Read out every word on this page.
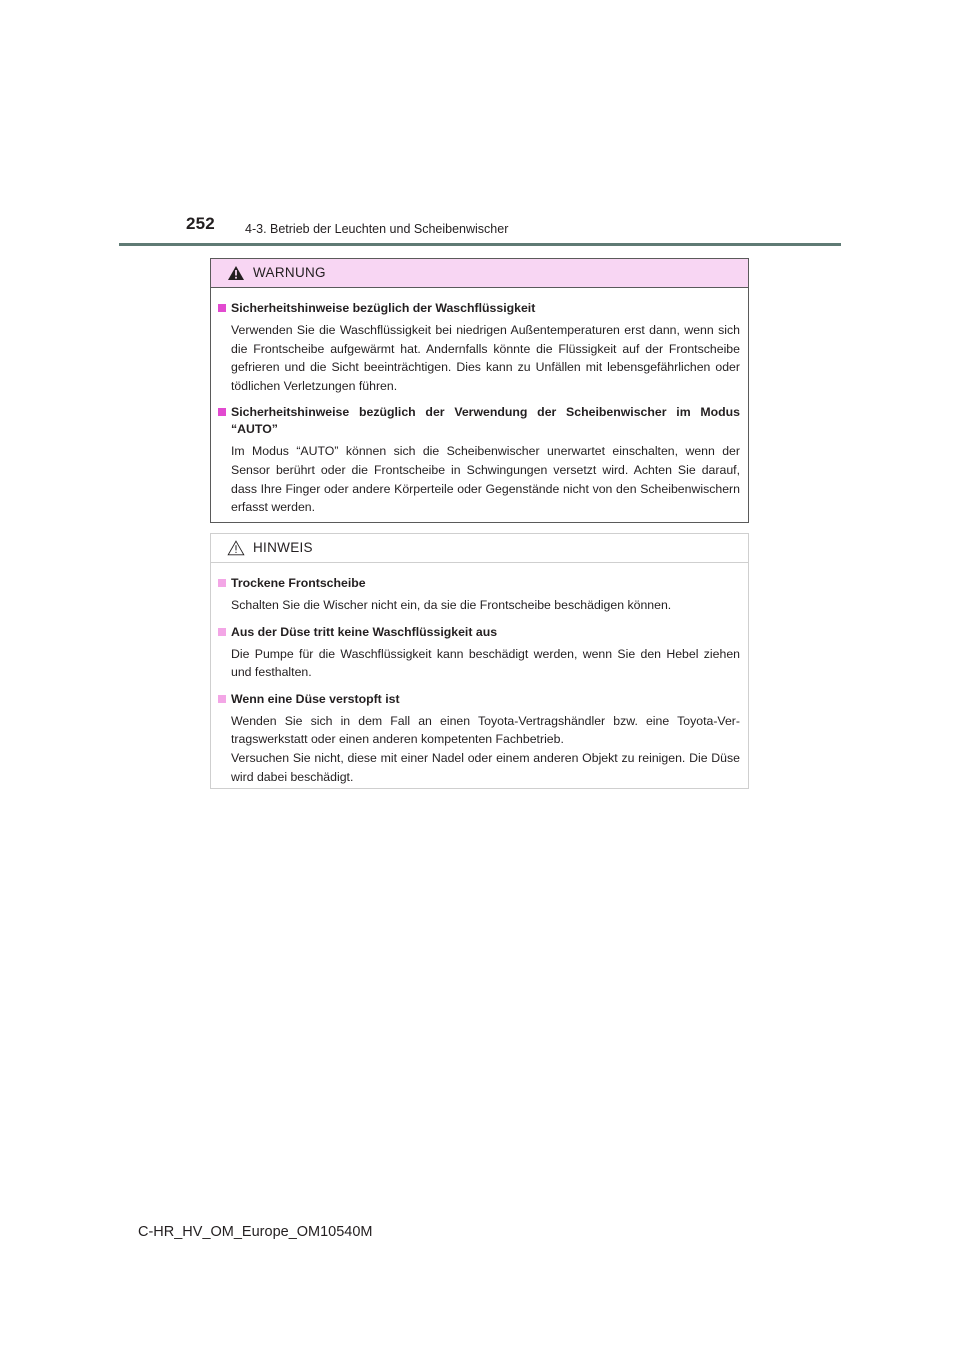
252 4-3. Betrieb der Leuchten und Scheibenwischer
WARNUNG
Sicherheitshinweise bezüglich der Waschflüssigkeit
Verwenden Sie die Waschflüssigkeit bei niedrigen Außentemperaturen erst dann, wenn sich die Frontscheibe aufgewärmt hat. Andernfalls könnte die Flüssigkeit auf der Frontscheibe gefrieren und die Sicht beeinträchtigen. Dies kann zu Unfällen mit lebensgefährlichen oder tödlichen Verletzungen führen.
Sicherheitshinweise bezüglich der Verwendung der Scheibenwischer im Modus “AUTO”
Im Modus “AUTO” können sich die Scheibenwischer unerwartet einschalten, wenn der Sensor berührt oder die Frontscheibe in Schwingungen versetzt wird. Achten Sie darauf, dass Ihre Finger oder andere Körperteile oder Gegenstände nicht von den Scheibenwischern erfasst werden.
HINWEIS
Trockene Frontscheibe
Schalten Sie die Wischer nicht ein, da sie die Frontscheibe beschädigen können.
Aus der Düse tritt keine Waschflüssigkeit aus
Die Pumpe für die Waschflüssigkeit kann beschädigt werden, wenn Sie den Hebel ziehen und festhalten.
Wenn eine Düse verstopft ist
Wenden Sie sich in dem Fall an einen Toyota-Vertragshändler bzw. eine Toyota-Ver-tragswerkstatt oder einen anderen kompetenten Fachbetrieb.
Versuchen Sie nicht, diese mit einer Nadel oder einem anderen Objekt zu reinigen. Die Düse wird dabei beschädigt.
C-HR_HV_OM_Europe_OM10540M
